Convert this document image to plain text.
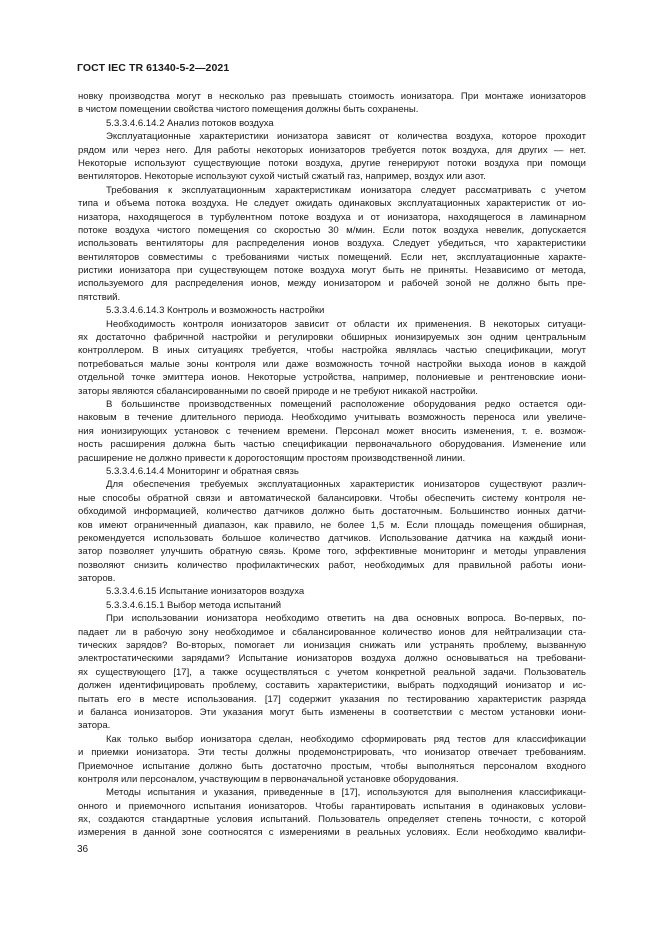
ГОСТ IEC TR 61340-5-2—2021
новку производства могут в несколько раз превышать стоимость ионизатора. При монтаже ионизаторов
в чистом помещении свойства чистого помещения должны быть сохранены.
5.3.3.4.6.14.2 Анализ потоков воздуха
Эксплуатационные характеристики ионизатора зависят от количества воздуха, которое проходит
рядом или через него. Для работы некоторых ионизаторов требуется поток воздуха, для других — нет.
Некоторые используют существующие потоки воздуха, другие генерируют потоки воздуха при помощи
вентиляторов. Некоторые используют сухой чистый сжатый газ, например, воздух или азот.
Требования к эксплуатационным характеристикам ионизатора следует рассматривать с учетом
типа и объема потока воздуха. Не следует ожидать одинаковых эксплуатационных характеристик от ио-
низатора, находящегося в турбулентном потоке воздуха и от ионизатора, находящегося в ламинарном
потоке воздуха чистого помещения со скоростью 30 м/мин. Если поток воздуха невелик, допускается
использовать вентиляторы для распределения ионов воздуха. Следует убедиться, что характеристики
вентиляторов совместимы с требованиями чистых помещений. Если нет, эксплуатационные характе-
ристики ионизатора при существующем потоке воздуха могут быть не приняты. Независимо от метода,
используемого для распределения ионов, между ионизатором и рабочей зоной не должно быть пре-
пятствий.
5.3.3.4.6.14.3 Контроль и возможность настройки
Необходимость контроля ионизаторов зависит от области их применения. В некоторых ситуаци-
ях достаточно фабричной настройки и регулировки обширных ионизируемых зон одним центральным
контроллером. В иных ситуациях требуется, чтобы настройка являлась частью спецификации, могут
потребоваться малые зоны контроля или даже возможность точной настройки выхода ионов в каждой
отдельной точке эмиттера ионов. Некоторые устройства, например, полониевые и рентгеновские иони-
заторы являются сбалансированными по своей природе и не требуют никакой настройки.
В большинстве производственных помещений расположение оборудования редко остается оди-
наковым в течение длительного периода. Необходимо учитывать возможность переноса или увеличе-
ния ионизирующих установок с течением времени. Персонал может вносить изменения, т. е. возмож-
ность расширения должна быть частью спецификации первоначального оборудования. Изменение или
расширение не должно привести к дорогостоящим простоям производственной линии.
5.3.3.4.6.14.4 Мониторинг и обратная связь
Для обеспечения требуемых эксплуатационных характеристик ионизаторов существуют различ-
ные способы обратной связи и автоматической балансировки. Чтобы обеспечить систему контроля не-
обходимой информацией, количество датчиков должно быть достаточным. Большинство ионных датчи-
ков имеют ограниченный диапазон, как правило, не более 1,5 м. Если площадь помещения обширная,
рекомендуется использовать большое количество датчиков. Использование датчика на каждый иони-
затор позволяет улучшить обратную связь. Кроме того, эффективные мониторинг и методы управления
позволяют снизить количество профилактических работ, необходимых для правильной работы иони-
заторов.
5.3.3.4.6.15 Испытание ионизаторов воздуха
5.3.3.4.6.15.1 Выбор метода испытаний
При использовании ионизатора необходимо ответить на два основных вопроса. Во-первых, по-
падает ли в рабочую зону необходимое и сбалансированное количество ионов для нейтрализации ста-
тических зарядов? Во-вторых, помогает ли ионизация снижать или устранять проблему, вызванную
электростатическими зарядами? Испытание ионизаторов воздуха должно основываться на требовани-
ях существующего [17], а также осуществляться с учетом конкретной реальной задачи. Пользователь
должен идентифицировать проблему, составить характеристики, выбрать подходящий ионизатор и ис-
пытать его в месте использования. [17] содержит указания по тестированию характеристик разряда
и баланса ионизаторов. Эти указания могут быть изменены в соответствии с местом установки иони-
затора.
Как только выбор ионизатора сделан, необходимо сформировать ряд тестов для классификации
и приемки ионизатора. Эти тесты должны продемонстрировать, что ионизатор отвечает требованиям.
Приемочное испытание должно быть достаточно простым, чтобы выполняться персоналом входного
контроля или персоналом, участвующим в первоначальной установке оборудования.
Методы испытания и указания, приведенные в [17], используются для выполнения классификаци-
онного и приемочного испытания ионизаторов. Чтобы гарантировать испытания в одинаковых услови-
ях, создаются стандартные условия испытаний. Пользователь определяет степень точности, с которой
измерения в данной зоне соотносятся с измерениями в реальных условиях. Если необходимо квалифи-
36
